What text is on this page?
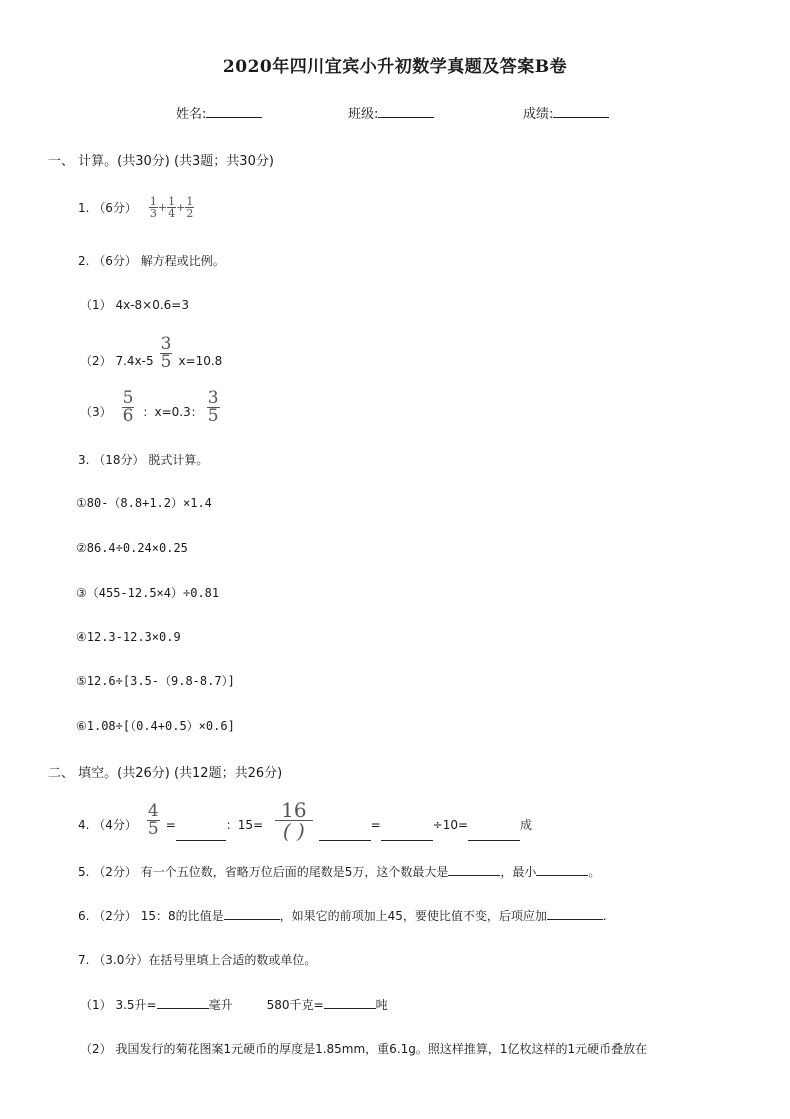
2020年四川宜宾小升初数学真题及答案B卷
姓名:	班级:	成绩:
一、 计算。(共30分) (共3题；共30分)
1. （6分） $\frac{1}{3} + \frac{1}{4} + \frac{1}{2}$
2. （6分） 解方程或比例。
（1） 4x-8×0.6=3
（2） $7.4x-5 \frac{3}{5} x=10.8$
$(3) \frac{5}{6}$ ：x=0.3： $\frac{3}{5}$
3. （18分） 脱式计算。
①80-（8.8+1.2）×1.4
②86.4÷0.24×0.25
③（455-12.5×4）÷0.81
④12.3-12.3×0.9
⑤12.6÷[3.5-（9.8-8.7）]
⑥1.08÷[（0.4+0.5）×0.6]
二、 填空。(共26分) (共12题；共26分)
4. （4分） $\frac{4}{5}$ =	：$15= \frac{16}{( )}$	=	÷10=	成
5. （2分） 有一个五位数，省略万位后面的尾数是5万，这个数最大是	，最小	。
6. （2分） 15：8的比值是	，如果它的前项加上45，要使比值不变，后项应加	.
7. （3.0分）在括号里填上合适的数或单位。
（1） 3.5升=	毫升	580千克=	吨
（2） 我国发行的菊花图案1元硬币的厚度是1.85mm，重6.1g。照这样推算，1亿枚这样的1元硬币叠放在
